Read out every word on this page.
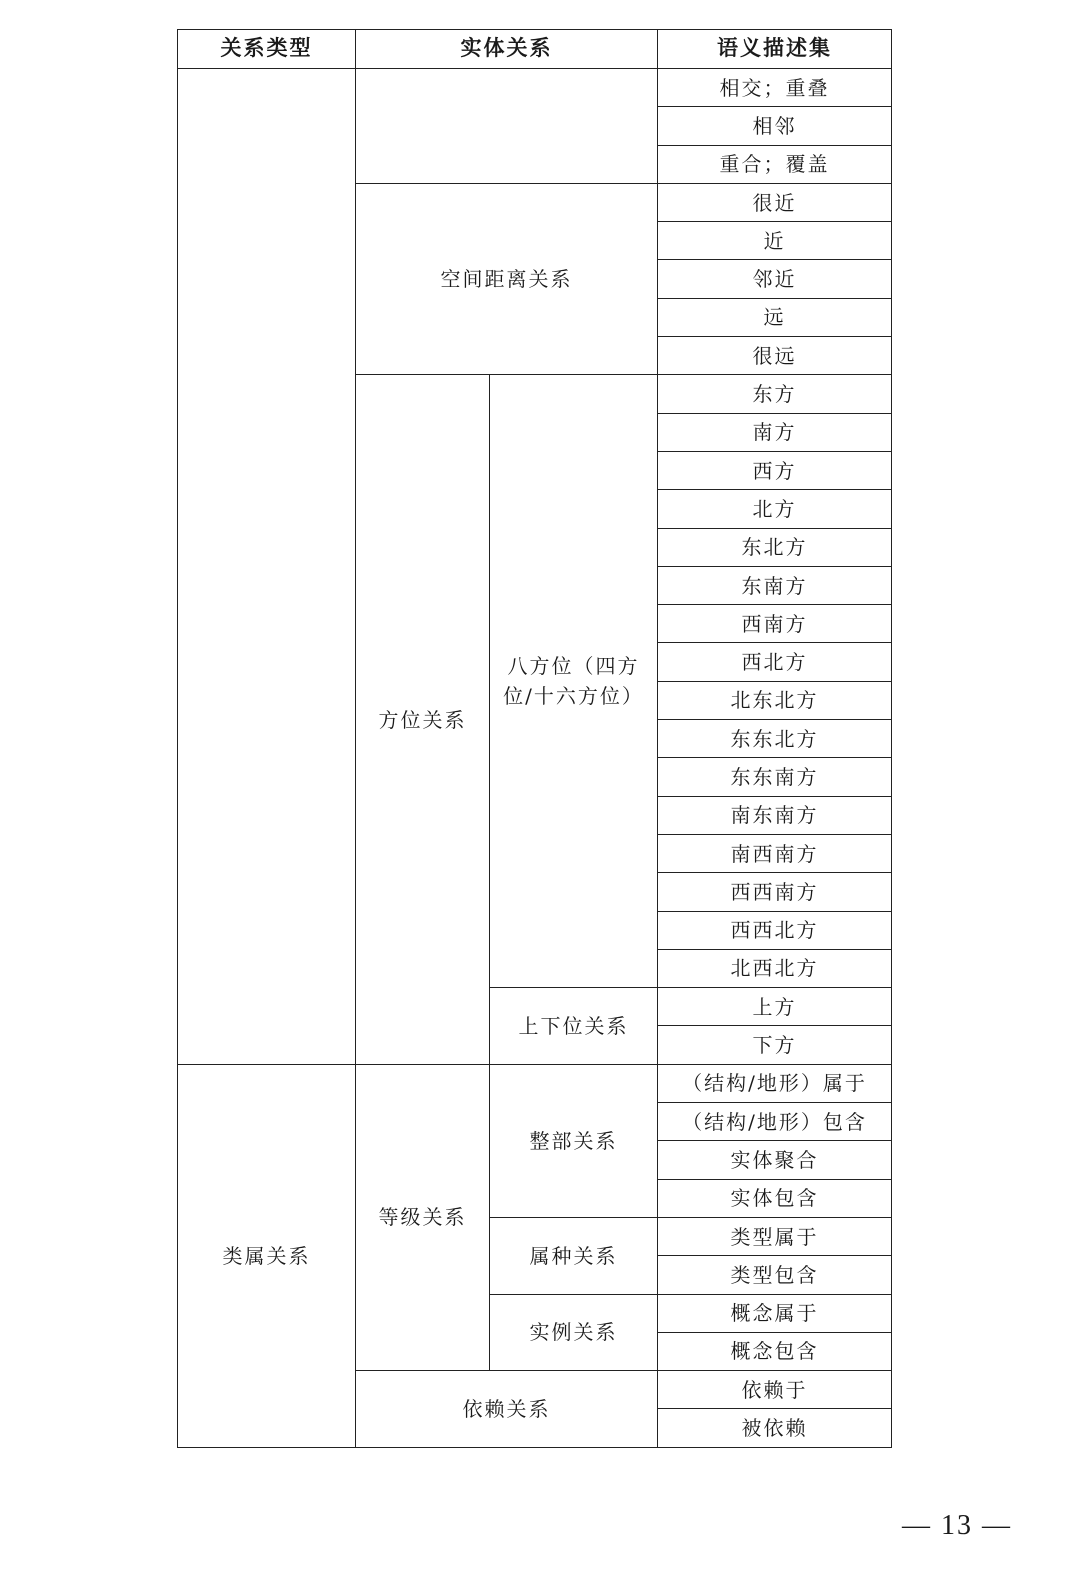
关系类型	实体关系		语义描述集
			相交；重叠
			相邻
			重合；覆盖
	空间距离关系		很近
			近
			邻近
			远
			很远
	方位关系	八方位（四方位/十六方位）	东方
			南方
			西方
			北方
			东北方
			东南方
			西南方
			西北方
			北东北方
			东东北方
			东东南方
			南东南方
			南西南方
			西西南方
			西西北方
			北西北方
		上下位关系	上方
			下方
类属关系	等级关系	整部关系	（结构/地形）属于
			（结构/地形）包含
			实体聚合
			实体包含
		属种关系	类型属于
			类型包含
		实例关系	概念属于
			概念包含
	依赖关系		依赖于
			被依赖
— 13 —
